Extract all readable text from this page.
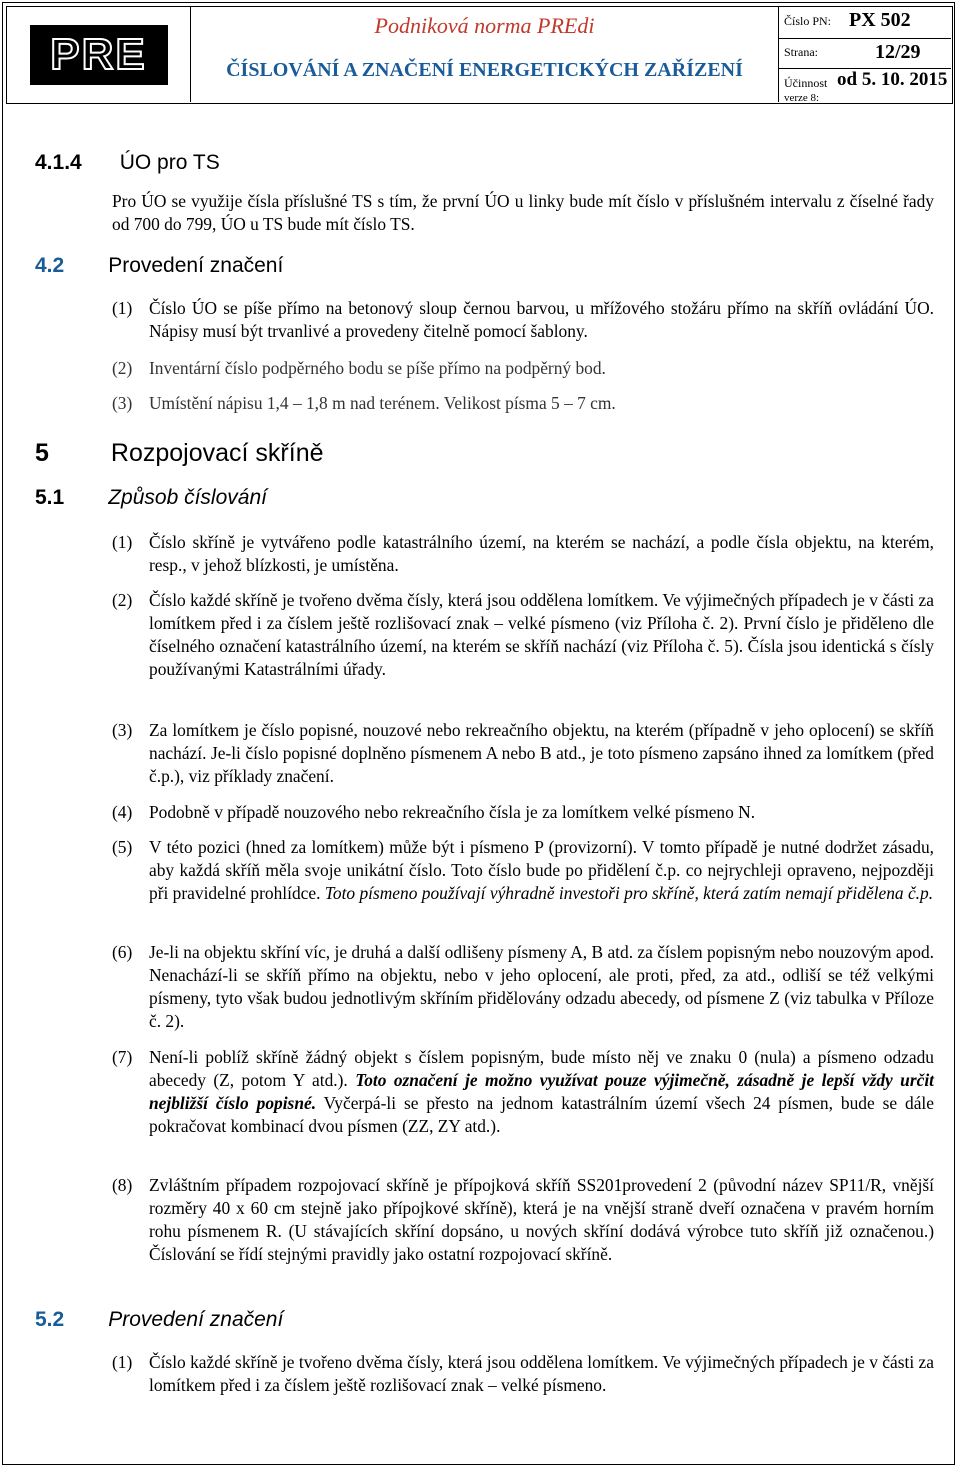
PRE
Podniková norma PREdi
ČÍSLOVÁNÍ A ZNAČENÍ ENERGETICKÝCH ZAŘÍZENÍ
Číslo PN: PX 502
Strana:	12/29
Účinnost od 5. 10. 2015
verze 8:
4.1.4 ÚO pro TS
Pro ÚO se využije čísla příslušné TS s tím, že první ÚO u linky bude mít číslo v příslušném intervalu z číselné řady od 700 do 799, ÚO u TS bude mít číslo TS.
4.2 Provedení značení
(1) Číslo ÚO se píše přímo na betonový sloup černou barvou, u mřížového stožáru přímo na skříň ovládání ÚO. Nápisy musí být trvanlivé a provedeny čitelně pomocí šablony.
(2) Inventární číslo podpěrného bodu se píše přímo na podpěrný bod.
(3) Umístění nápisu 1,4 – 1,8 m nad terénem. Velikost písma 5 – 7 cm.
5 Rozpojovací skříně
5.1 Způsob číslování
(1) Číslo skříně je vytvářeno podle katastrálního území, na kterém se nachází, a podle čísla objektu, na kterém, resp., v jehož blízkosti, je umístěna.
(2) Číslo každé skříně je tvořeno dvěma čísly, která jsou oddělena lomítkem. Ve výjimečných případech je v části za lomítkem před i za číslem ještě rozlišovací znak – velké písmeno (viz Příloha č. 2). První číslo je přiděleno dle číselného označení katastrálního území, na kterém se skříň nachází (viz Příloha č. 5). Čísla jsou identická s čísly používanými Katastrálními úřady.
(3) Za lomítkem je číslo popisné, nouzové nebo rekreačního objektu, na kterém (případně v jeho oplocení) se skříň nachází. Je-li číslo popisné doplněno písmenem A nebo B atd., je toto písmeno zapsáno ihned za lomítkem (před č.p.), viz příklady značení.
(4) Podobně v případě nouzového nebo rekreačního čísla je za lomítkem velké písmeno N.
(5) V této pozici (hned za lomítkem) může být i písmeno P (provizorní). V tomto případě je nutné dodržet zásadu, aby každá skříň měla svoje unikátní číslo. Toto číslo bude po přidělení č.p. co nejrychleji opraveno, nejpozději při pravidelné prohlídce. Toto písmeno používají výhradně investoři pro skříně, která zatím nemají přidělena č.p.
(6) Je-li na objektu skříní víc, je druhá a další odlišeny písmeny A, B atd. za číslem popisným nebo nouzovým apod. Nenachází-li se skříň přímo na objektu, nebo v jeho oplocení, ale proti, před, za atd., odliší se též velkými písmeny, tyto však budou jednotlivým skříním přidělovány odzadu abecedy, od písmene Z (viz tabulka v Příloze č. 2).
(7) Není-li poblíž skříně žádný objekt s číslem popisným, bude místo něj ve znaku 0 (nula) a písmeno odzadu abecedy (Z, potom Y atd.). Toto označení je možno využívat pouze výjimečně, zásadně je lepší vždy určit nejbližší číslo popisné. Vyčerpá-li se přesto na jednom katastrálním území všech 24 písmen, bude se dále pokračovat kombinací dvou písmen (ZZ, ZY atd.).
(8) Zvláštním případem rozpojovací skříně je přípojková skříň SS201provedení 2 (původní název SP11/R, vnější rozměry 40 x 60 cm stejně jako přípojkové skříně), která je na vnější straně dveří označena v pravém horním rohu písmenem R. (U stávajících skříní dopsáno, u nových skříní dodává výrobce tuto skříň již označenou.) Číslování se řídí stejnými pravidly jako ostatní rozpojovací skříně.
5.2 Provedení značení
(1) Číslo každé skříně je tvořeno dvěma čísly, která jsou oddělena lomítkem. Ve výjimečných případech je v části za lomítkem před i za číslem ještě rozlišovací znak – velké písmeno.
